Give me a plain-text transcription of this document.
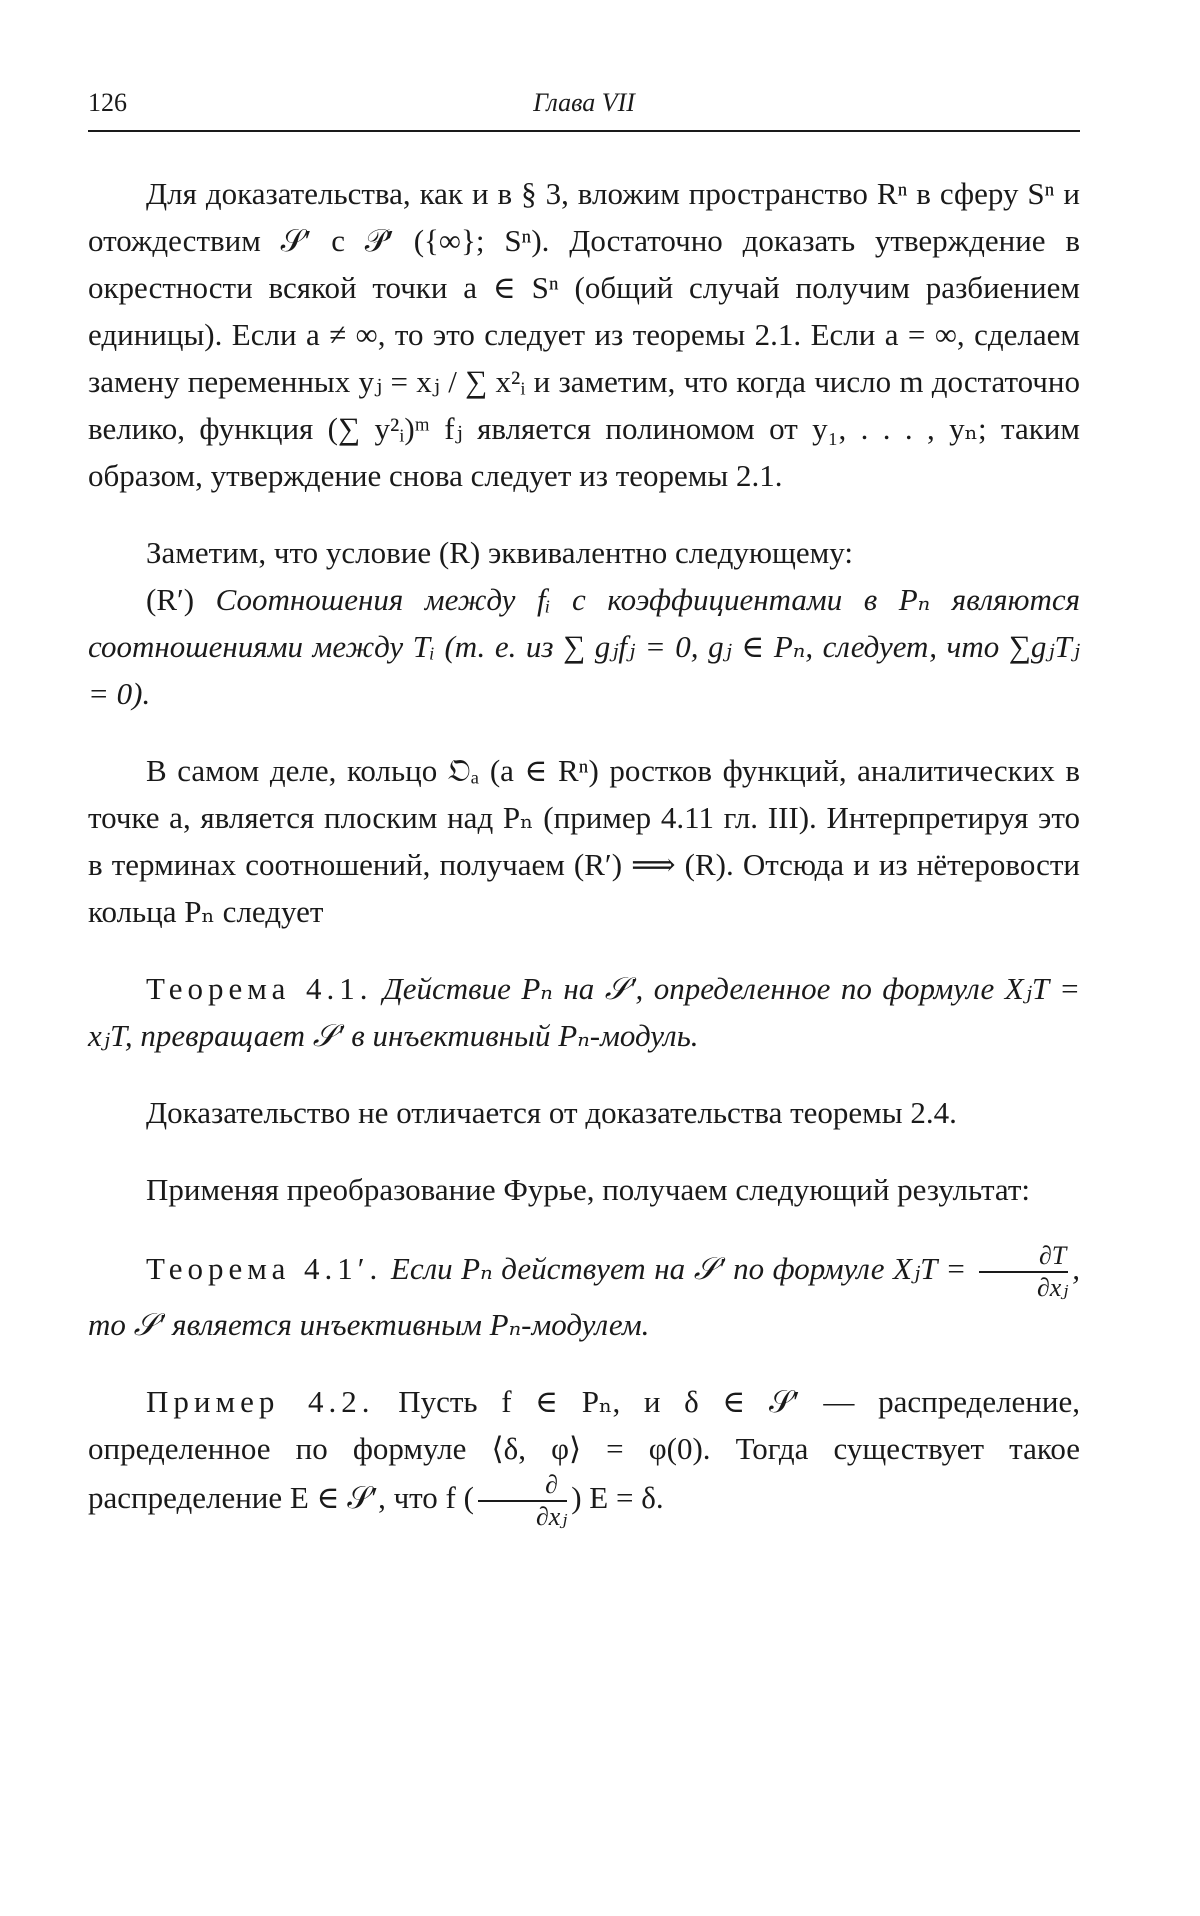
126	Глава VII

Для доказательства, как и в § 3, вложим пространство Rⁿ в сферу Sⁿ и отождествим 𝒮′ с 𝒫′ ({∞}; Sⁿ). Достаточно доказать утверждение в окрестности всякой точки a ∈ Sⁿ (общий случай получим разбиением единицы). Если a ≠ ∞, то это следует из теоремы 2.1. Если a = ∞, сделаем замену переменных yⱼ = xⱼ / ∑ x²ᵢ и заметим, что когда число m достаточно велико, функция (∑ y²ᵢ)ᵐ fⱼ является полиномом от y₁, . . . , yₙ; таким образом, утверждение снова следует из теоремы 2.1.

Заметим, что условие (R) эквивалентно следующему:

(R′) Соотношения между fᵢ с коэффициентами в Pₙ являются соотношениями между Tᵢ (т. е. из ∑ gⱼfⱼ = 0, gⱼ ∈ Pₙ, следует, что ∑gⱼTⱼ = 0).

В самом деле, кольцо 𝔒ₐ (a ∈ Rⁿ) ростков функций, аналитических в точке a, является плоским над Pₙ (пример 4.11 гл. III). Интерпретируя это в терминах соотношений, получаем (R′) ⟹ (R). Отсюда и из нётеровости кольца Pₙ следует

Теорема 4.1. Действие Pₙ на 𝒮′, определенное по формуле XⱼT = xⱼT, превращает 𝒮′ в инъективный Pₙ-модуль.

Доказательство не отличается от доказательства теоремы 2.4.

Применяя преобразование Фурье, получаем следующий результат:

Теорема 4.1′. Если Pₙ действует на 𝒮′ по формуле XⱼT = $\frac{\partial T}{\text{∂xⱼ}}$ , то 𝒮′ является инъективным Pₙ-модулем.

Пример 4.2. Пусть f ∈ Pₙ, и δ ∈ 𝒮′ — распределение, определенное по формуле ⟨δ, φ⟩ = φ(0). Тогда существует такое распределение E ∈ 𝒮′, что f ( $\frac{\partial}{\text{∂xⱼ}}$ ) E = δ.
